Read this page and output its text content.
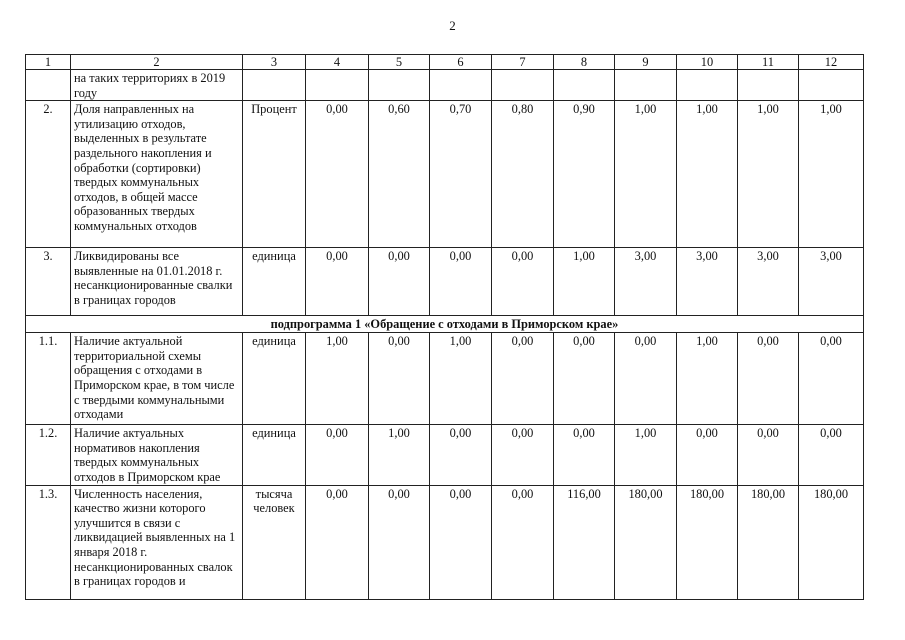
2
1	2	3	4	5	6	7	8	9	10	11	12
	на таких территориях в 2019 году										
2.	Доля направленных на утилизацию отходов, выделенных в результате раздельного накопления и обработки (сортировки) твердых коммунальных отходов, в общей массе образованных твердых коммунальных отходов	Процент	0,00	0,60	0,70	0,80	0,90	1,00	1,00	1,00	1,00
3.	Ликвидированы все выявленные на 01.01.2018 г. несанкционированные свалки в границах городов	единица	0,00	0,00	0,00	0,00	1,00	3,00	3,00	3,00	3,00
подпрограмма 1 «Обращение с отходами в Приморском крае»											
1.1.	Наличие актуальной территориальной схемы обращения с отходами в Приморском крае, в том числе с твердыми коммунальными отходами	единица	1,00	0,00	1,00	0,00	0,00	0,00	1,00	0,00	0,00
1.2.	Наличие актуальных нормативов накопления твердых коммунальных отходов в Приморском крае	единица	0,00	1,00	0,00	0,00	0,00	1,00	0,00	0,00	0,00
1.3.	Численность населения, качество жизни которого улучшится в связи с ликвидацией выявленных на 1 января 2018 г. несанкционированных свалок в границах городов и	тысяча человек	0,00	0,00	0,00	0,00	116,00	180,00	180,00	180,00	180,00
